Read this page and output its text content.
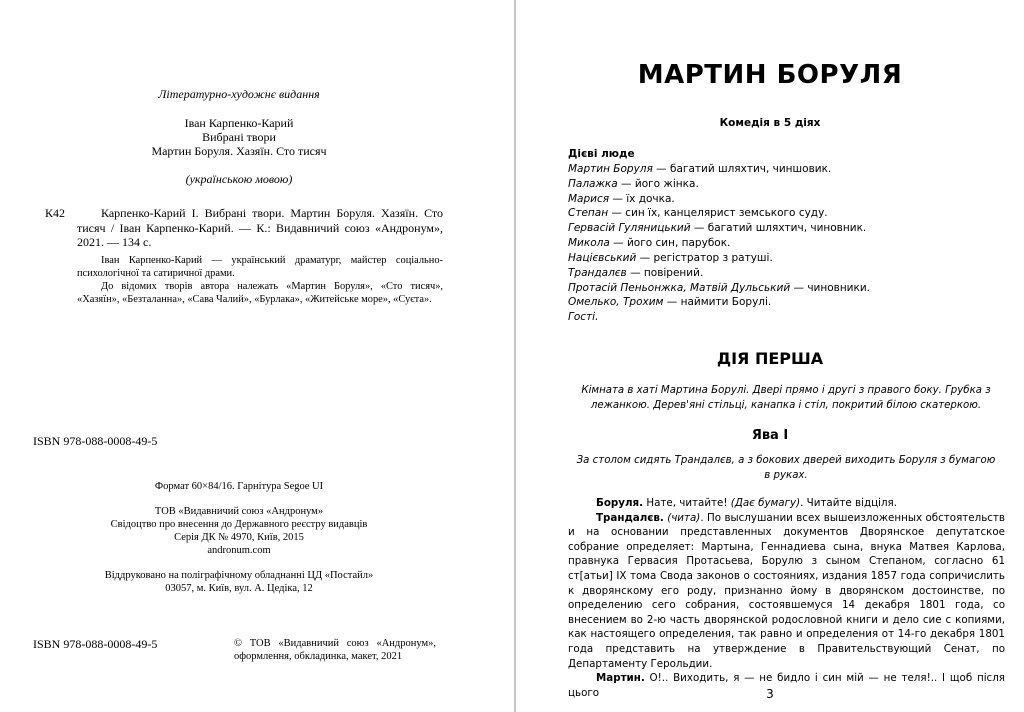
Літературно-художнє видання
Іван Карпенко-Карий
Вибрані твори
Мартин Боруля. Хазяїн. Сто тисяч
(українською мовою)
К42	Карпенко-Карий І. Вибрані твори. Мартин Боруля. Хазяїн. Сто тисяч / Іван Карпенко-Карий. — К.: Видавничий союз «Андронум», 2021. — 134 с.

Іван Карпенко-Карий — український драматург, майстер соціально-психологічної та сатиричної драми.

До відомих творів автора належать «Мартин Боруля», «Сто тисяч», «Хазяїн», «Безталанна», «Сава Чалий», «Бурлака», «Житейське море», «Суєта».

ISBN 978-088-0008-49-5
Формат 60×84/16. Гарнітура Segoe UI
ТОВ «Видавничий союз «Андронум»
Свідоцтво про внесення до Державного реєстру видавців
Серія ДК № 4970, Київ, 2015
andronum.com
Віддруковано на поліграфічному обладнанні ЦД «Постайл»
03057, м. Київ, вул. А. Цедіка, 12
ISBN 978-088-0008-49-5	© ТОВ «Видавничий союз «Андронум», оформлення, обкладинка, макет, 2021
МАРТИН БОРУЛЯ
Комедія в 5 діях
Дієві люде
Мартин Боруля — багатий шляхтич, чиншовик.
Палажка — його жінка.
Марися — їх дочка.
Степан — син їх, канцелярист земського суду.
Гервасій Гуляницький — багатий шляхтич, чиновник.
Микола — його син, парубок.
Націєвський — регістратор з ратуші.
Трандалєв — повірений.
Протасій Пеньонжка, Матвій Дульський — чиновники.
Омелько, Трохим — наймити Борулі.
Гості.
ДІЯ ПЕРША
Кімната в хаті Мартина Борулі. Двері прямо і другі з правого боку. Грубка з лежанкою. Дерев'яні стільці, канапка і стіл, покритий білою скатеркою.
Ява І
За столом сидять Трандалєв, а з бокових дверей виходить Боруля з бумагою в руках.

Боруля. Нате, читайте! (Дає бумагу). Читайте відціля.

Трандалєв. (чита). По выслушании всех вышеизложенных обстоятельств и на основании представленных документов Дворянское депутатское собрание определяет: Мартына, Геннадиева сына, внука Матвея Карлова, правнука Гервасия Протасьева, Борулю з сыном Степаном, согласно 61 ст[атьи] IX тома Свода законов о состояниях, издания 1857 года сопричислить к дворянскому его роду, признанно йому в дворянском достоинстве, по определению сего собрания, состоявшемуся 14 декабря 1801 года, со внесением во 2-ю часть дворянской родословной книги и дело сие с копиями, как настоящего определения, так равно и определения от 14-го декабря 1801 года представить на утверждение в Правительствующий Сенат, по Департаменту Герольдии.

Мартин. О!.. Виходить, я — не бидло і син мій — не теля!.. І щоб після цього	3
